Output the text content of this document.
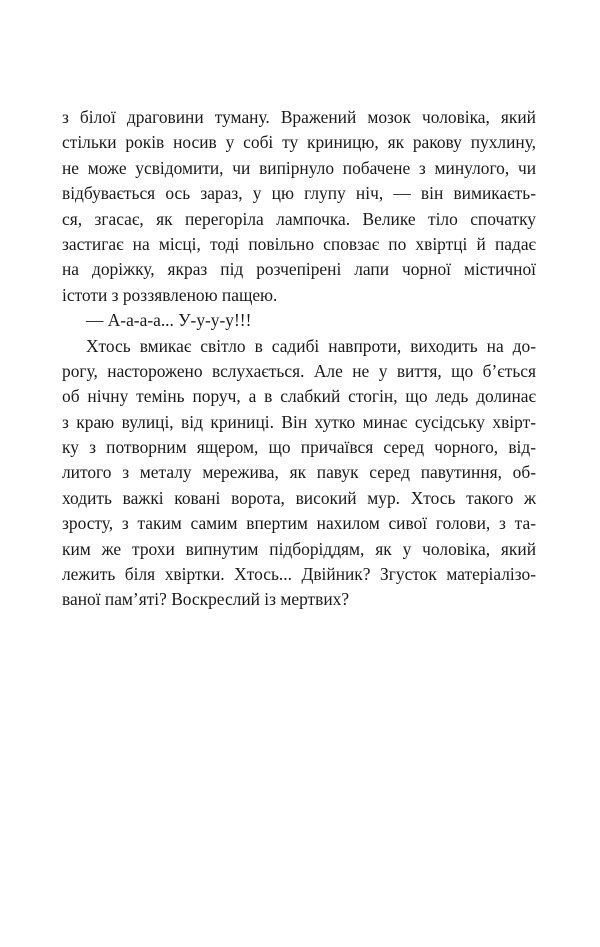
з білої драговини туману. Вражений мозок чоловіка, який
стільки років носив у собі ту криницю, як ракову пухлину,
не може усвідомити, чи випірнуло побачене з минулого, чи
відбувається ось зараз, у цю глупу ніч, — він вимикаєть-
ся, згасає, як перегоріла лампочка. Велике тіло спочатку
застигає на місці, тоді повільно сповзає по хвіртці й падає
на доріжку, якраз під розчепірені лапи чорної містичної
істоти з роззявленою пащею.
— А-а-а-а... У-у-у-у!!!
Хтось вмикає світло в садибі навпроти, виходить на до-
рогу, насторожено вслухається. Але не у виття, що б’ється
об нічну темінь поруч, а в слабкий стогін, що ледь долинає
з краю вулиці, від криниці. Він хутко минає сусідську хвірт-
ку з потворним ящером, що причаївся серед чорного, від-
литого з металу мережива, як павук серед павутиння, об-
ходить важкі ковані ворота, високий мур. Хтось такого ж
зросту, з таким самим впертим нахилом сивої голови, з та-
ким же трохи випнутим підборіддям, як у чоловіка, який
лежить біля хвіртки. Хтось... Двійник? Згусток матеріалізо-
ваної пам’яті? Воскреслий із мертвих?
